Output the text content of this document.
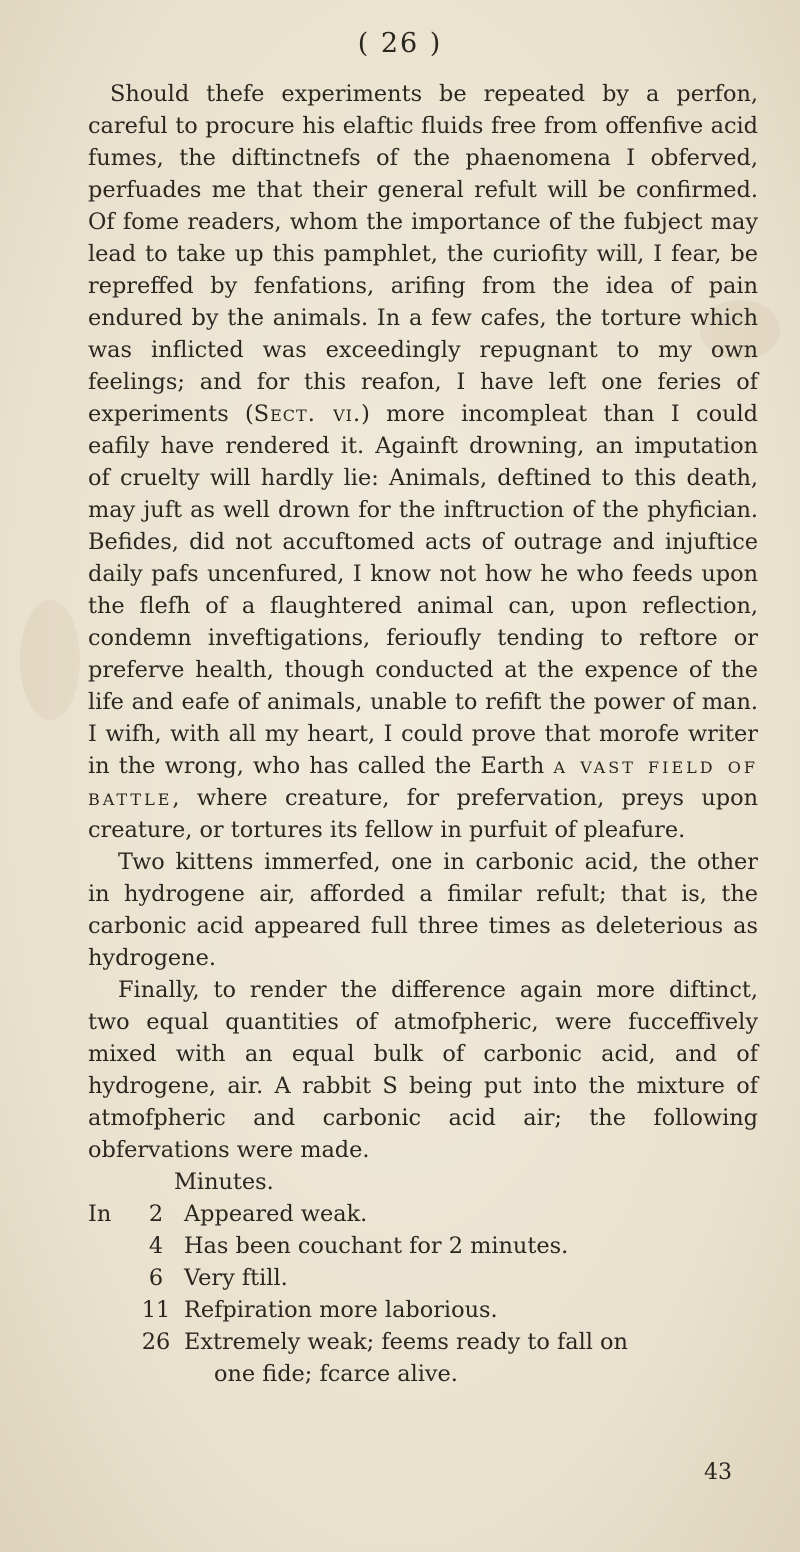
( 26 )

Should thefe experiments be repeated by a perfon, careful to procure his elaftic fluids free from offenfive acid fumes, the diftinctnefs of the phaenomena I obferved, perfuades me that their general refult will be confirmed. Of fome readers, whom the importance of the fubject may lead to take up this pamphlet, the curiofity will, I fear, be repreffed by fenfations, arifing from the idea of pain endured by the animals. In a few cafes, the torture which was inflicted was exceedingly repugnant to my own feelings; and for this reafon, I have left one feries of experiments (Sect. vi.) more incompleat than I could eafily have rendered it. Againft drowning, an imputation of cruelty will hardly lie: Animals, deftined to this death, may juft as well drown for the inftruction of the phyfician. Befides, did not accuftomed acts of outrage and injuftice daily pafs uncenfured, I know not how he who feeds upon the flefh of a flaughtered animal can, upon reflection, condemn inveftigations, ferioufly tending to reftore or preferve health, though conducted at the expence of the life and eafe of animals, unable to refift the power of man. I wifh, with all my heart, I could prove that morofe writer in the wrong, who has called the Earth a vast field of battle, where creature, for prefervation, preys upon creature, or tortures its fellow in purfuit of pleafure.

Two kittens immerfed, one in carbonic acid, the other in hydrogene air, afforded a fimilar refult; that is, the carbonic acid appeared full three times as deleterious as hydrogene.

Finally, to render the difference again more diftinct, two equal quantities of atmofpheric, were fucceffively mixed with an equal bulk of carbonic acid, and of hydrogene, air. A rabbit S being put into the mixture of atmofpheric and carbonic acid air; the following obfervations were made.

Minutes.

In	2 Appeared weak.
4 Has been couchant for 2 minutes.
6 Very ftill.
11 Refpiration more laborious.
26 Extremely weak; feems ready to fall on

one fide; fcarce alive.

43
